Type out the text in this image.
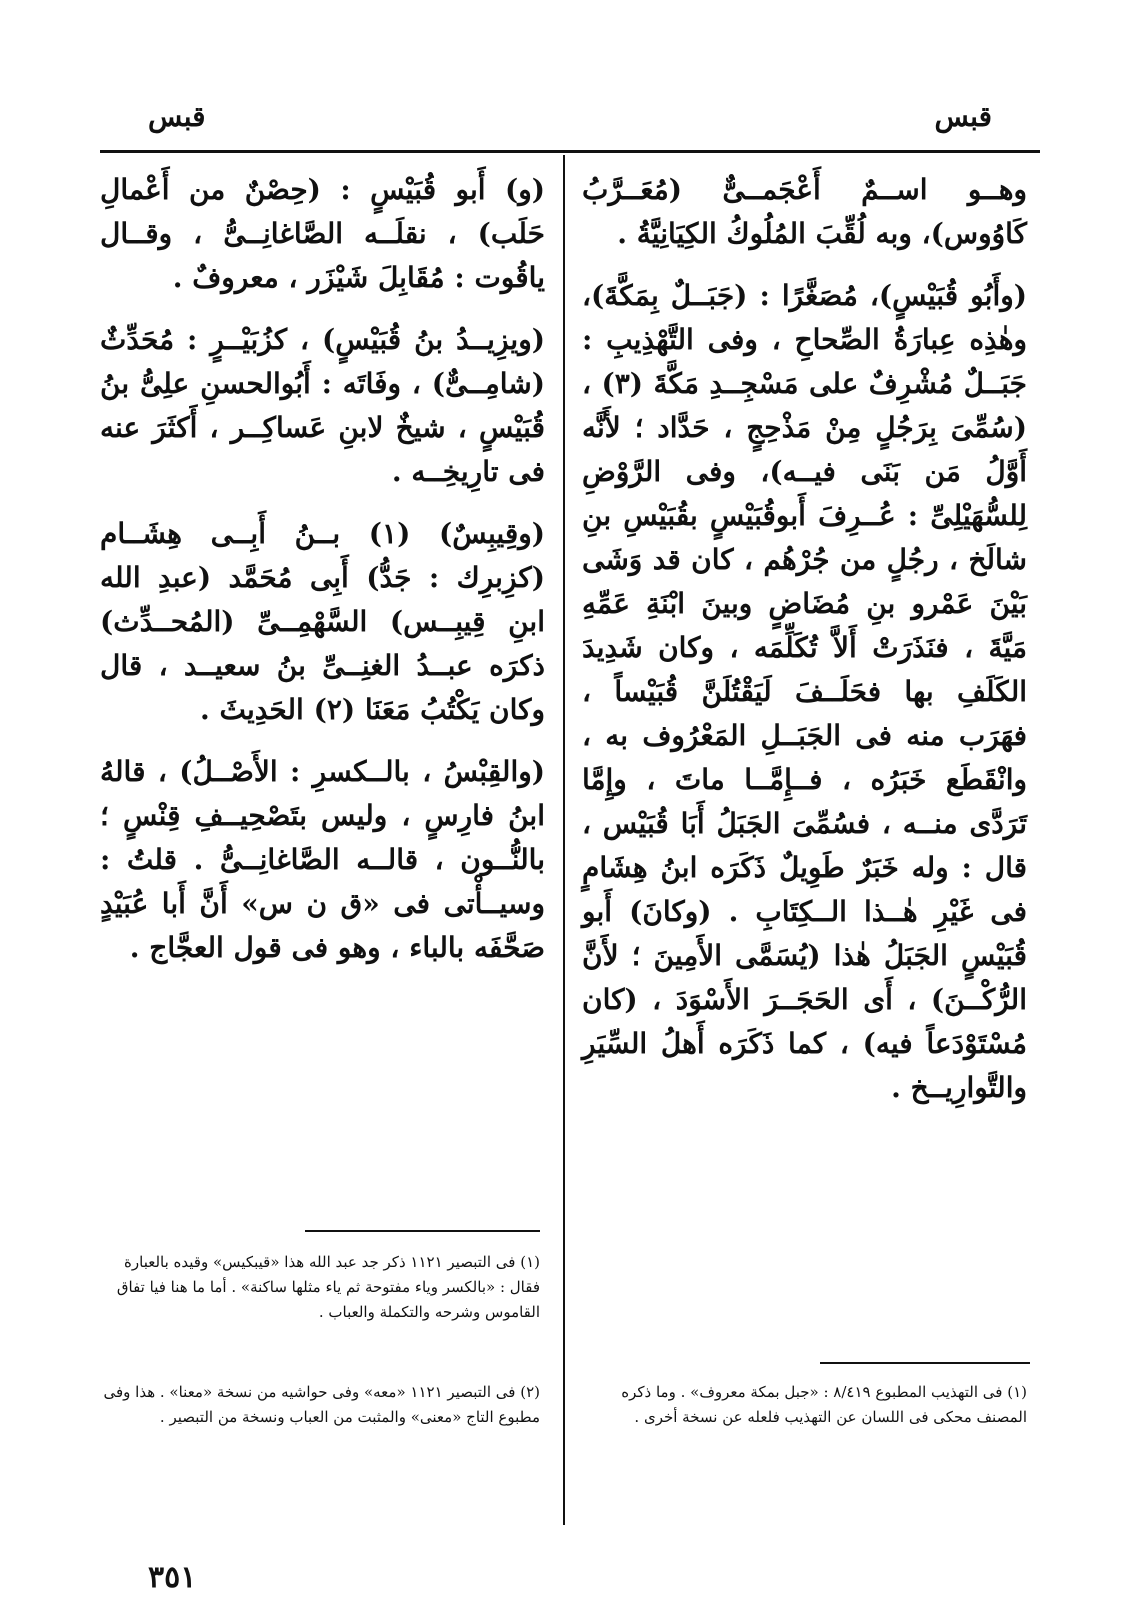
قبس	قبس

وهــو اســمٌ أَعْجَمــىٌّ (مُعَــرَّبُ كَاوُوس)، وبه لُقِّبَ المُلُوكُ الكِيَانِيَّةُ .

(وأَبُو قُبَيْسٍ)، مُصَغَّرًا : (جَبَــلٌ بِمَكَّةَ)، وهٰذِه عِبارَةُ الصِّحاحِ ، وفى التَّهْذِيبِ : جَبَــلٌ مُشْرِفٌ على مَسْجِــدِ مَكَّةَ (٣) ، (سُمِّىَ بِرَجُلٍ مِنْ مَذْحِجٍ ، حَدَّاد ؛ لأَنَّه أَوَّلُ مَن بَنَى فيــه)، وفى الرَّوْضِ لِلسُّهَيْلِىِّ : عُــرِفَ أَبوقُبَيْسٍ بقُبَيْسِ بنِ شالَخ ، رجُلٍ من جُرْهُم ، كان قد وَشَى بَيْنَ عَمْرو بنِ مُضَاضٍ وبينَ ابْنَةِ عَمِّهِ مَيَّةَ ، فنَذَرَتْ أَلاَّ تُكَلِّمَه ، وكان شَدِيدَ الكَلَفِ بها فحَلَــفَ لَيَقْتُلَنَّ قُبَيْساً ، فهَرَب منه فى الجَبَــلِ المَعْرُوف به ، وانْقَطَع خَبَرُه ، فــإِمَّــا ماتَ ، وإِمَّا تَرَدَّى منــه ، فسُمِّىَ الجَبَلُ أَبَا قُبَيْس ، قال : وله خَبَرٌ طَوِيلٌ ذَكَرَه ابنُ هِشَامٍ فى غَيْرِ هٰــذا الــكِتَابِ . (وكانَ) أَبو قُبَيْسٍ الجَبَلُ هٰذا (يُسَمَّى الأَمِينَ ؛ لأَنَّ الرُّكْــنَ) ، أَى الحَجَــرَ الأَسْوَدَ ، (كان مُسْتَوْدَعاً فيه) ، كما ذَكَرَه أَهلُ السِّيَرِ والتَّوارِيــخ .

(و) أَبو قُبَيْسٍ : (حِصْنٌ من أَعْمالِ حَلَب) ، نقلَــه الصَّاغانِــىُّ ، وقــال ياقُوت : مُقَابِلَ شَيْزَر ، معروفٌ .

(ويزِيــدُ بنُ قُبَيْسٍ) ، كزُبَيْــرٍ : مُحَدِّثٌ (شامِــىٌّ) ، وفَاتَه : أَبُوالحسنِ علِىُّ بنُ قُبَيْسٍ ، شيخٌ لابنِ عَساكِــر ، أَكثَرَ عنه فى تارِيخِــه .

(وقِيبِسٌ) (١) بــنُ أَبِــى هِشَــام (كزِبرِك : جَدُّ) أَبِى مُحَمَّد (عبدِ الله ابنِ قِيبِــس) السَّهْمِــىِّ (المُحــدِّث) ذكرَه عبــدُ الغنِــىِّ بنُ سعيــد ، قال وكان يَكْتُبُ مَعَنَا (٢) الحَدِيثَ .

(والقِبْسُ ، بالــكسرِ : الأَصْــلُ) ، قالهُ ابنُ فارِسٍ ، وليس بتَصْحِيــفِ قِنْسٍ ؛ بالنُّــون ، قالــه الصَّاغانِــىُّ . قلتُ : وسيــأْتى فى «ق ن س» أَنَّ أَبا عُبَيْدٍ صَحَّفَه بالباء ، وهو فى قول العجَّاج .

(١) فى التبصير ١١٢١ ذكر جد عبد الله هذا «قيبكيس» وقيده بالعبارة فقال : «بالكسر وياء مفتوحة ثم ياء مثلها ساكنة» . أما ما هنا فيا تفاق القاموس وشرحه والتكملة والعباب .

(٢) فى التبصير ١١٢١ «معه» وفى حواشيه من نسخة «معنا» . هذا وفى مطبوع التاج «معنى» والمثبت من العباب ونسخة من التبصير .

(١) فى التهذيب المطبوع ٨/٤١٩ : «جبل بمكة معروف» . وما ذكره المصنف محكى فى اللسان عن التهذيب فلعله عن نسخة أخرى .

٣٥١
